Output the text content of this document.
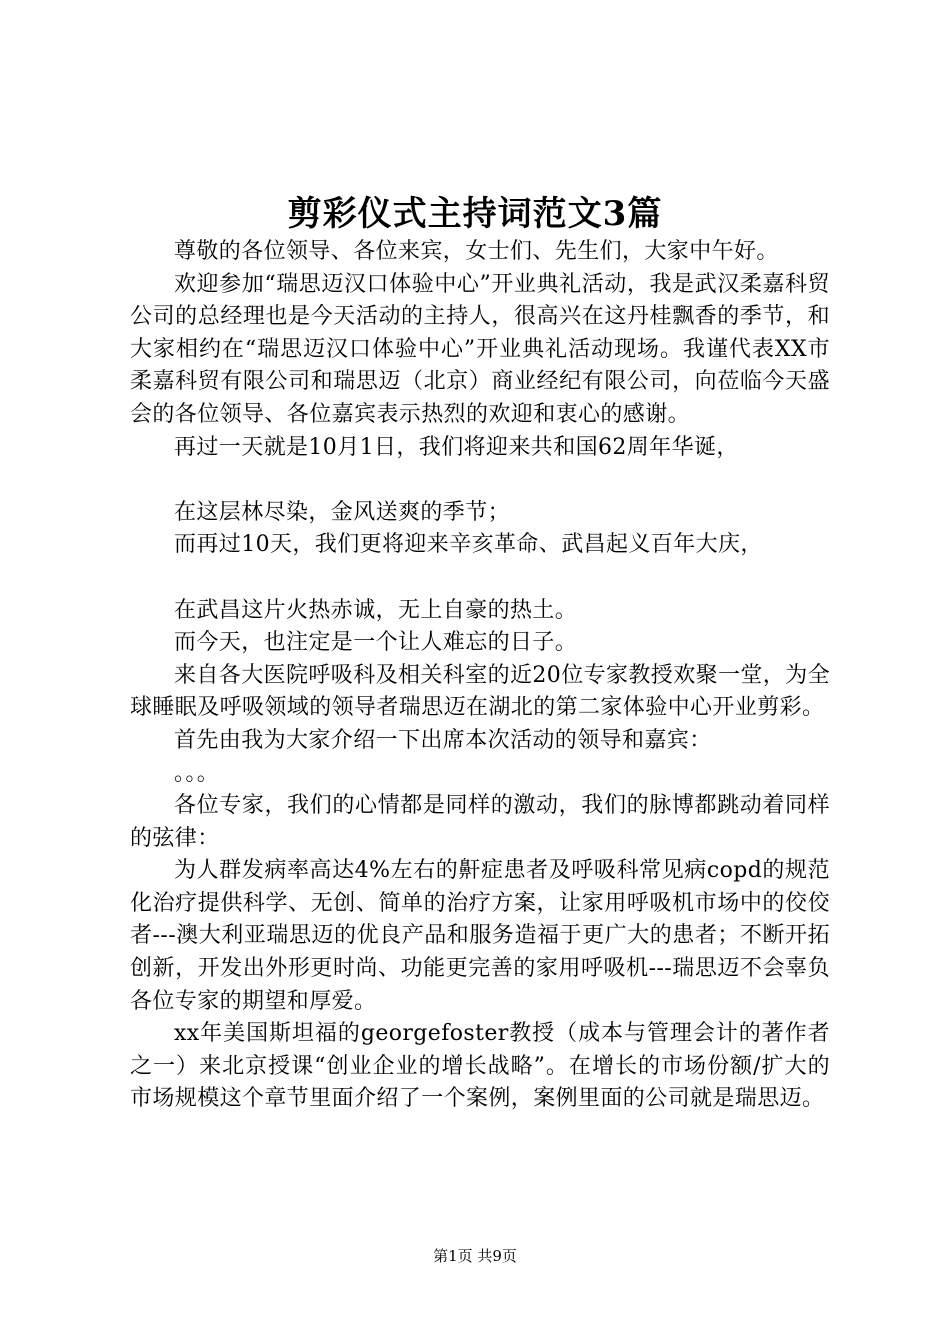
剪彩仪式主持词范文3篇

尊敬的各位领导、各位来宾，女士们、先生们，大家中午好。

欢迎参加“瑞思迈汉口体验中心”开业典礼活动，我是武汉柔嘉科贸公司的总经理也是今天活动的主持人，很高兴在这丹桂飘香的季节，和大家相约在“瑞思迈汉口体验中心”开业典礼活动现场。我谨代表XX市柔嘉科贸有限公司和瑞思迈（北京）商业经纪有限公司，向莅临今天盛会的各位领导、各位嘉宾表示热烈的欢迎和衷心的感谢。

再过一天就是10月1日，我们将迎来共和国62周年华诞，

在这层林尽染，金风送爽的季节；

而再过10天，我们更将迎来辛亥革命、武昌起义百年大庆，

在武昌这片火热赤诚，无上自豪的热土。

而今天，也注定是一个让人难忘的日子。

来自各大医院呼吸科及相关科室的近20位专家教授欢聚一堂，为全球睡眠及呼吸领域的领导者瑞思迈在湖北的第二家体验中心开业剪彩。

首先由我为大家介绍一下出席本次活动的领导和嘉宾：

。。。

各位专家，我们的心情都是同样的激动，我们的脉博都跳动着同样的弦律：

为人群发病率高达4%左右的鼾症患者及呼吸科常见病copd的规范化治疗提供科学、无创、简单的治疗方案，让家用呼吸机市场中的佼佼者---澳大利亚瑞思迈的优良产品和服务造福于更广大的患者；不断开拓创新，开发出外形更时尚、功能更完善的家用呼吸机---瑞思迈不会辜负各位专家的期望和厚爱。

xx年美国斯坦福的georgefoster教授（成本与管理会计的著作者之一）来北京授课“创业企业的增长战略”。在增长的市场份额/扩大的市场规模这个章节里面介绍了一个案例，案例里面的公司就是瑞思迈。

第1页 共9页
